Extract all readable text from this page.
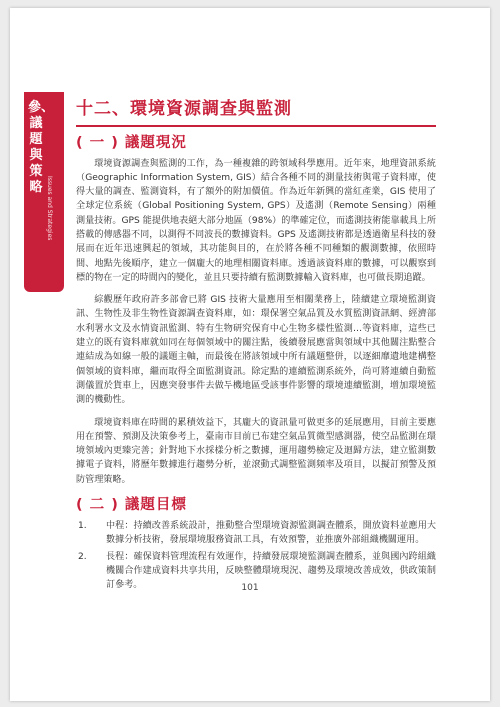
參、議題與策略 Issues and Strategies
十二、環境資源調查與監測
( 一 ) 議題現況

環境資源調查與監測的工作，為一種複雜的跨領域科學應用。近年來，地理資訊系統（Geographic Information System, GIS）結合各種不同的測量技術與電子資料庫，使得大量的調查、監測資料，有了額外的附加價值。作為近年新興的當紅產業，GIS 使用了全球定位系統（Global Positioning System, GPS）及遙測（Remote Sensing）兩種測量技術。GPS 能提供地表絕大部分地區（98%）的準確定位，而遙測技術能靠載具上所搭載的傳感器不同，以測得不同波長的數據資料。GPS 及遙測技術都是透過衛星科技的發展而在近年迅速興起的領域，其功能與目的，在於將各種不同種類的觀測數據，依照時間、地點先後順序，建立一個龐大的地理相關資料庫。透過該資料庫的數據，可以觀察到標的物在一定的時間內的變化，並且只要持續有監測數據輸入資料庫，也可做長期追蹤。

綜觀歷年政府許多部會已將 GIS 技術大量應用至相關業務上，陸續建立環境監測資訊、生物性及非生物性資源調查資料庫，如：環保署空氣品質及水質監測資訊網、經濟部水利署水文及水情資訊監測、特有生物研究保育中心生物多樣性監測…等資料庫，這些已建立的既有資料庫就如同在每個領域中的關注點，後續發展應當與領域中其他關注點整合連結成為如線一般的議題主軸，而最後在將該領域中所有議題整併，以逐細靡遺地建構整個領域的資料庫，繼而取得全面監測資訊。除定點的連續監測系統外，尚可將連續自動監測儀置於貨車上，因應突發事件去做두機地區受該事件影響的環境連續監測，增加環境監測的機動性。

環境資料庫在時間的累積效益下，其龐大的資訊量可做更多的延展應用，目前主要應用在預警、預測及決策參考上，臺南市目前已布建空氣品質微型感測器，使空品監測在環境領域內更臻完善；針對地下水採樣分析之數據，運用趨勢檢定及迴歸方法，建立監測數據電子資料，將歷年數據進行趨勢分析，並滾動式調整監測頻率及項目，以擬訂預警及預防管理策略。

( 二 ) 議題目標
1. 中程：持續改善系統設計，推動整合型環境資源監測調查體系，開放資料並應用大數據分析技術，發展環境服務資訊工具，有效預警，並推廣外部組織機關運用。
2. 長程：確保資料管理流程有效運作，持續發展環境監測調查體系，並與國內跨組織機關合作建成資料共享共用，反映整體環境現況、趨勢及環境改善成效，供政策制訂參考。	101
